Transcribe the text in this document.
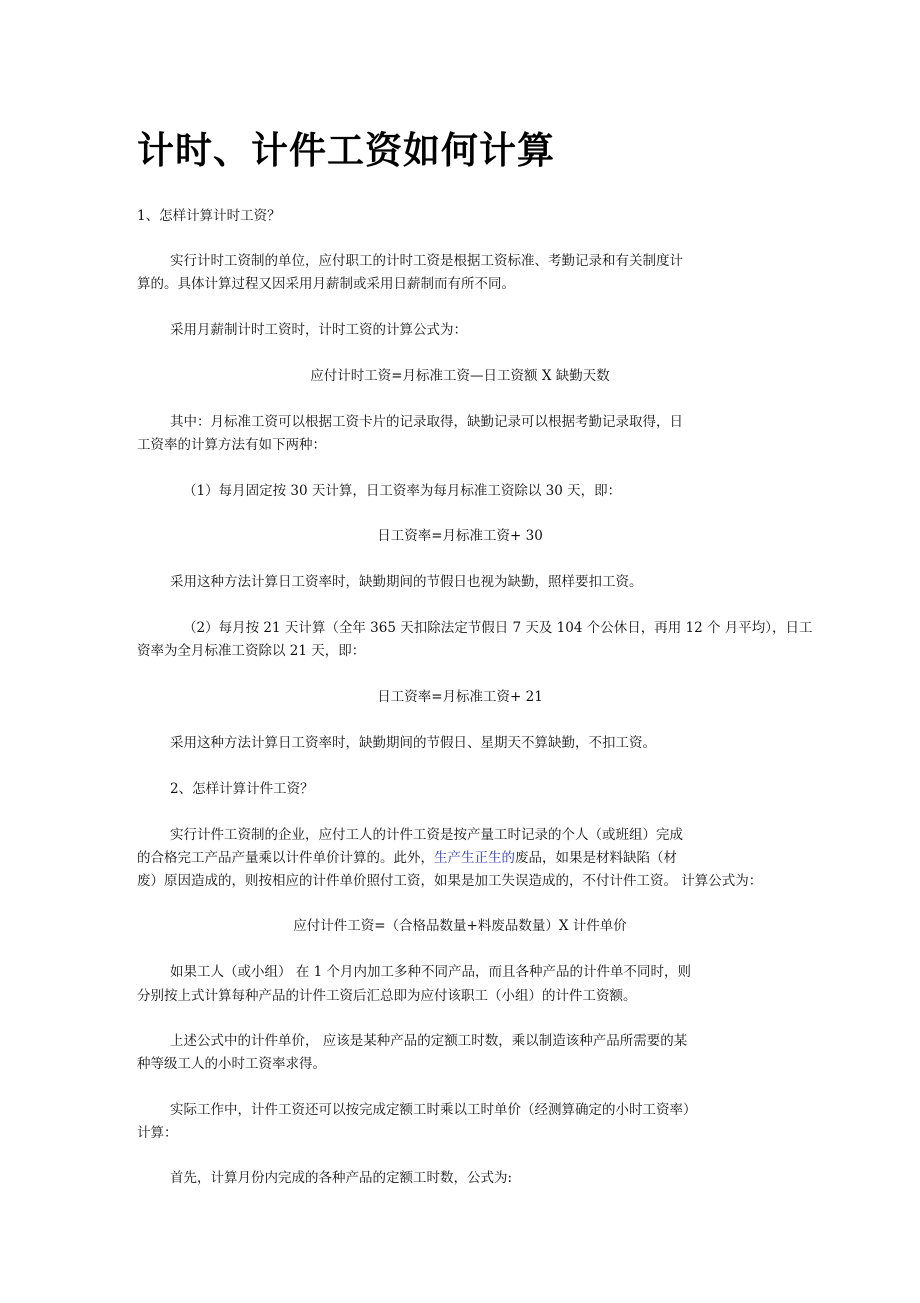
计时、计件工资如何计算

1、怎样计算计时工资？

实行计时工资制的单位，应付职工的计时工资是根据工资标准、考勤记录和有关制度计

算的。具体计算过程又因采用月薪制或采用日薪制而有所不同。

采用月薪制计时工资时，计时工资的计算公式为：

应付计时工资=月标准工资—日工资额 X 缺勤天数

其中：月标准工资可以根据工资卡片的记录取得，缺勤记录可以根据考勤记录取得，日

工资率的计算方法有如下两种：

（1）每月固定按 30 天计算，日工资率为每月标准工资除以 30 天，即：

日工资率=月标准工资+ 30

采用这种方法计算日工资率时，缺勤期间的节假日也视为缺勤，照样要扣工资。

（2）每月按 21 天计算（全年 365 天扣除法定节假日 7 天及 104 个公休日，再用 12 个 月平均），日工

资率为全月标准工资除以 21 天，即：

日工资率=月标准工资+ 21

采用这种方法计算日工资率时，缺勤期间的节假日、星期天不算缺勤，不扣工资。

2、怎样计算计件工资？

实行计件工资制的企业，应付工人的计件工资是按产量工时记录的个人（或班组）完成

的合格完工产品产量乘以计件单价计算的。此外，生产生正生的废品，如果是材料缺陷（材

废）原因造成的，则按相应的计件单价照付工资，如果是加工失误造成的，不付计件工资。 计算公式为：

应付计件工资=（合格品数量+料废品数量）X 计件单价

如果工人（或小组） 在 1 个月内加工多种不同产品，而且各种产品的计件单不同时，则

分别按上式计算每种产品的计件工资后汇总即为应付该职工（小组）的计件工资额。

上述公式中的计件单价， 应该是某种产品的定额工时数，乘以制造该种产品所需要的某

种等级工人的小时工资率求得。

实际工作中，计件工资还可以按完成定额工时乘以工时单价（经测算确定的小时工资率）

计算：

首先，计算月份内完成的各种产品的定额工时数，公式为:
